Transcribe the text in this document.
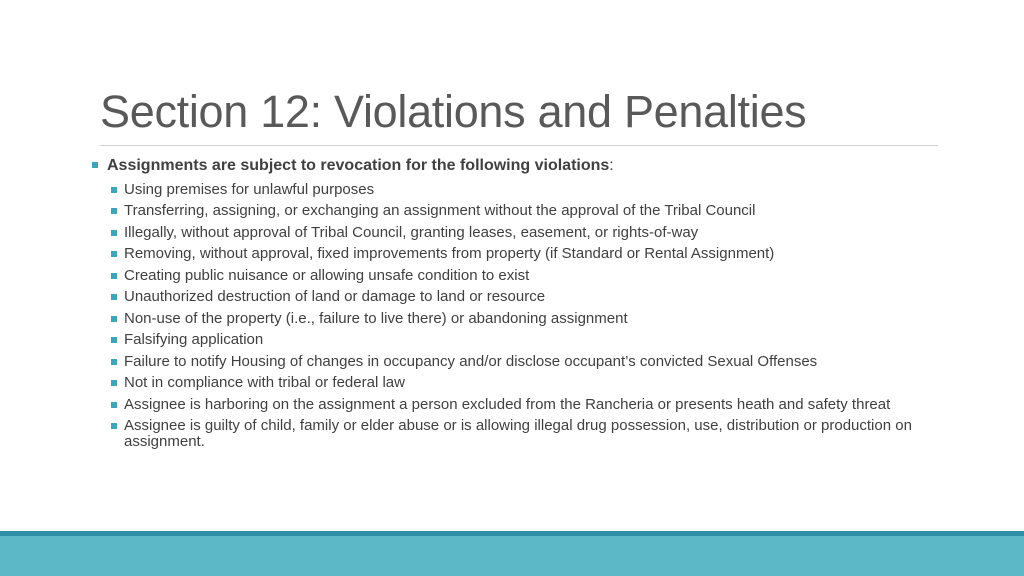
Section 12: Violations and Penalties
Assignments are subject to revocation for the following violations:
Using premises for unlawful purposes
Transferring, assigning, or exchanging an assignment without the approval of the Tribal Council
Illegally, without approval of Tribal Council, granting leases, easement, or rights-of-way
Removing, without approval, fixed improvements from property (if Standard or Rental Assignment)
Creating public nuisance or allowing unsafe condition to exist
Unauthorized destruction of land or damage to land or resource
Non-use of the property (i.e., failure to live there) or abandoning assignment
Falsifying application
Failure to notify Housing of changes in occupancy and/or disclose occupant’s convicted Sexual Offenses
Not in compliance with tribal or federal law
Assignee is harboring on the assignment a person excluded from the Rancheria or presents heath and safety threat
Assignee is guilty of child, family or elder abuse or is allowing illegal drug possession, use, distribution or production on assignment.
